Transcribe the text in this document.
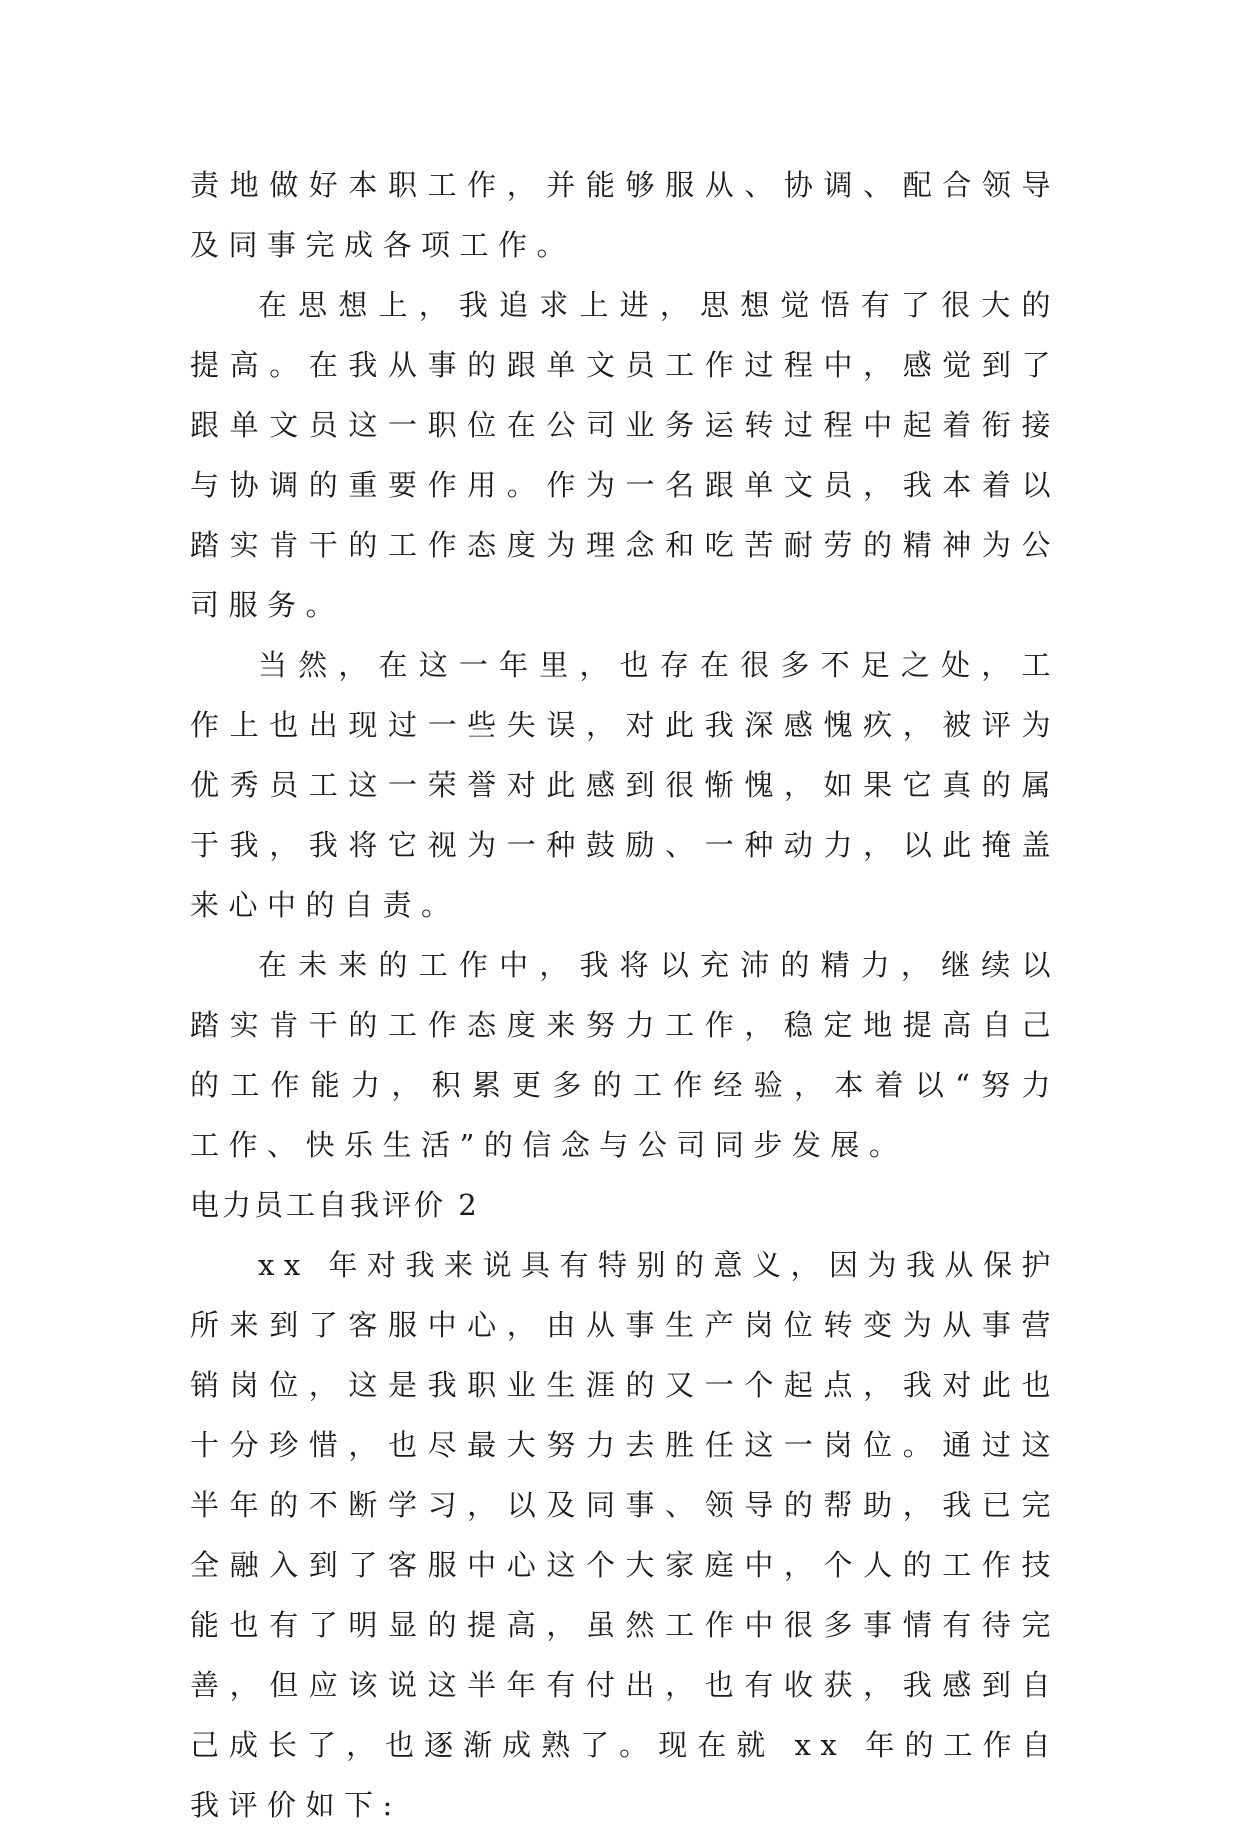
责地做好本职工作，并能够服从、协调、配合领导及同事完成各项工作。

在思想上，我追求上进，思想觉悟有了很大的提高。在我从事的跟单文员工作过程中，感觉到了跟单文员这一职位在公司业务运转过程中起着衔接与协调的重要作用。作为一名跟单文员，我本着以踏实肯干的工作态度为理念和吃苦耐劳的精神为公司服务。

当然，在这一年里，也存在很多不足之处，工作上也出现过一些失误，对此我深感愧疚，被评为优秀员工这一荣誉对此感到很惭愧，如果它真的属于我，我将它视为一种鼓励、一种动力，以此掩盖来心中的自责。

在未来的工作中，我将以充沛的精力，继续以踏实肯干的工作态度来努力工作，稳定地提高自己的工作能力，积累更多的工作经验，本着以“努力工作、快乐生活”的信念与公司同步发展。

电力员工自我评价 2

xx 年对我来说具有特别的意义，因为我从保护所来到了客服中心，由从事生产岗位转变为从事营销岗位，这是我职业生涯的又一个起点，我对此也十分珍惜，也尽最大努力去胜任这一岗位。通过这半年的不断学习，以及同事、领导的帮助，我已完全融入到了客服中心这个大家庭中，个人的工作技能也有了明显的提高，虽然工作中很多事情有待完善，但应该说这半年有付出，也有收获，我感到自己成长了，也逐渐成熟了。现在就 xx 年的工作自我评价如下:
